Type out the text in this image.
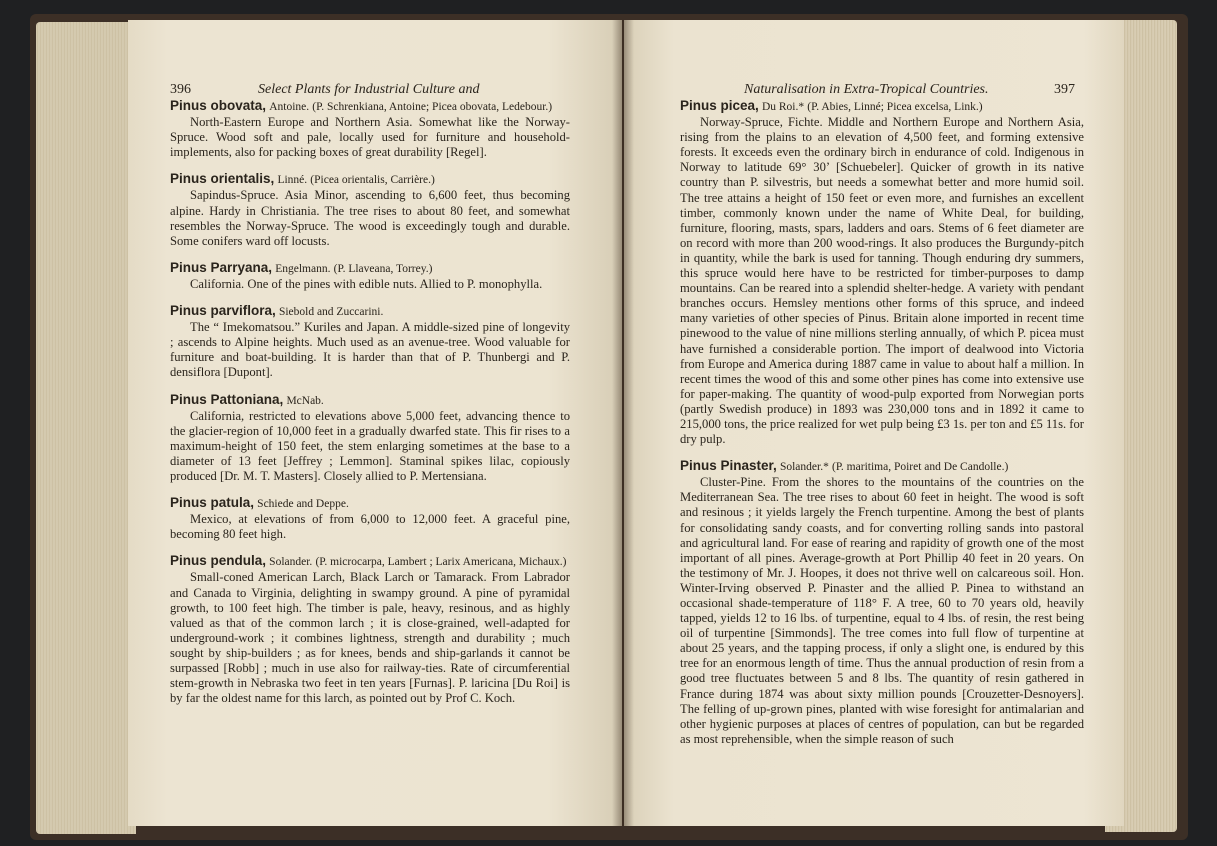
396	Select Plants for Industrial Culture and

Pinus obovata, Antoine. (P. Schrenkiana, Antoine; Picea obovata, Ledebour.)

North-Eastern Europe and Northern Asia. Somewhat like the Norway-Spruce. Wood soft and pale, locally used for furniture and household-implements, also for packing boxes of great durability [Regel].

Pinus orientalis, Linné. (Picea orientalis, Carrière.)

Sapindus-Spruce. Asia Minor, ascending to 6,600 feet, thus becoming alpine. Hardy in Christiania. The tree rises to about 80 feet, and somewhat resembles the Norway-Spruce. The wood is exceedingly tough and durable. Some conifers ward off locusts.

Pinus Parryana, Engelmann. (P. Llaveana, Torrey.)

California. One of the pines with edible nuts. Allied to P. monophylla.

Pinus parviflora, Siebold and Zuccarini.

The “ Imekomatsou.” Kuriles and Japan. A middle-sized pine of longevity ; ascends to Alpine heights. Much used as an avenue-tree. Wood valuable for furniture and boat-building. It is harder than that of P. Thunbergi and P. densiflora [Dupont].

Pinus Pattoniana, McNab.

California, restricted to elevations above 5,000 feet, advancing thence to the glacier-region of 10,000 feet in a gradually dwarfed state. This fir rises to a maximum-height of 150 feet, the stem enlarging sometimes at the base to a diameter of 13 feet [Jeffrey ; Lemmon]. Staminal spikes lilac, copiously produced [Dr. M. T. Masters]. Closely allied to P. Mertensiana.

Pinus patula, Schiede and Deppe.

Mexico, at elevations of from 6,000 to 12,000 feet. A graceful pine, becoming 80 feet high.

Pinus pendula, Solander. (P. microcarpa, Lambert ; Larix Americana, Michaux.)

Small-coned American Larch, Black Larch or Tamarack. From Labrador and Canada to Virginia, delighting in swampy ground. A pine of pyramidal growth, to 100 feet high. The timber is pale, heavy, resinous, and as highly valued as that of the common larch ; it is close-grained, well-adapted for underground-work ; it combines lightness, strength and durability ; much sought by ship-builders ; as for knees, bends and ship-garlands it cannot be surpassed [Robb] ; much in use also for railway-ties. Rate of circumferential stem-growth in Nebraska two feet in ten years [Furnas]. P. laricina [Du Roi] is by far the oldest name for this larch, as pointed out by Prof C. Koch.

Naturalisation in Extra-Tropical Countries.	397

Pinus picea, Du Roi.* (P. Abies, Linné; Picea excelsa, Link.)

Norway-Spruce, Fichte. Middle and Northern Europe and Northern Asia, rising from the plains to an elevation of 4,500 feet, and forming extensive forests. It exceeds even the ordinary birch in endurance of cold. Indigenous in Norway to latitude 69° 30’ [Schuebeler]. Quicker of growth in its native country than P. silvestris, but needs a somewhat better and more humid soil. The tree attains a height of 150 feet or even more, and furnishes an excellent timber, commonly known under the name of White Deal, for building, furniture, flooring, masts, spars, ladders and oars. Stems of 6 feet diameter are on record with more than 200 wood-rings. It also produces the Burgundy-pitch in quantity, while the bark is used for tanning. Though enduring dry summers, this spruce would here have to be restricted for timber-purposes to damp mountains. Can be reared into a splendid shelter-hedge. A variety with pendant branches occurs. Hemsley mentions other forms of this spruce, and indeed many varieties of other species of Pinus. Britain alone imported in recent time pinewood to the value of nine millions sterling annually, of which P. picea must have furnished a considerable portion. The import of dealwood into Victoria from Europe and America during 1887 came in value to about half a million. In recent times the wood of this and some other pines has come into extensive use for paper-making. The quantity of wood-pulp exported from Norwegian ports (partly Swedish produce) in 1893 was 230,000 tons and in 1892 it came to 215,000 tons, the price realized for wet pulp being £3 1s. per ton and £5 11s. for dry pulp.

Pinus Pinaster, Solander.* (P. maritima, Poiret and De Candolle.)

Cluster-Pine. From the shores to the mountains of the countries on the Mediterranean Sea. The tree rises to about 60 feet in height. The wood is soft and resinous ; it yields largely the French turpentine. Among the best of plants for consolidating sandy coasts, and for converting rolling sands into pastoral and agricultural land. For ease of rearing and rapidity of growth one of the most important of all pines. Average-growth at Port Phillip 40 feet in 20 years. On the testimony of Mr. J. Hoopes, it does not thrive well on calcareous soil. Hon. Winter-Irving observed P. Pinaster and the allied P. Pinea to withstand an occasional shade-temperature of 118° F. A tree, 60 to 70 years old, heavily tapped, yields 12 to 16 lbs. of turpentine, equal to 4 lbs. of resin, the rest being oil of turpentine [Simmonds]. The tree comes into full flow of turpentine at about 25 years, and the tapping process, if only a slight one, is endured by this tree for an enormous length of time. Thus the annual production of resin from a good tree fluctuates between 5 and 8 lbs. The quantity of resin gathered in France during 1874 was about sixty million pounds [Crouzetter-Desnoyers]. The felling of up-grown pines, planted with wise foresight for antimalarian and other hygienic purposes at places of centres of population, can but be regarded as most reprehensible, when the simple reason of such
